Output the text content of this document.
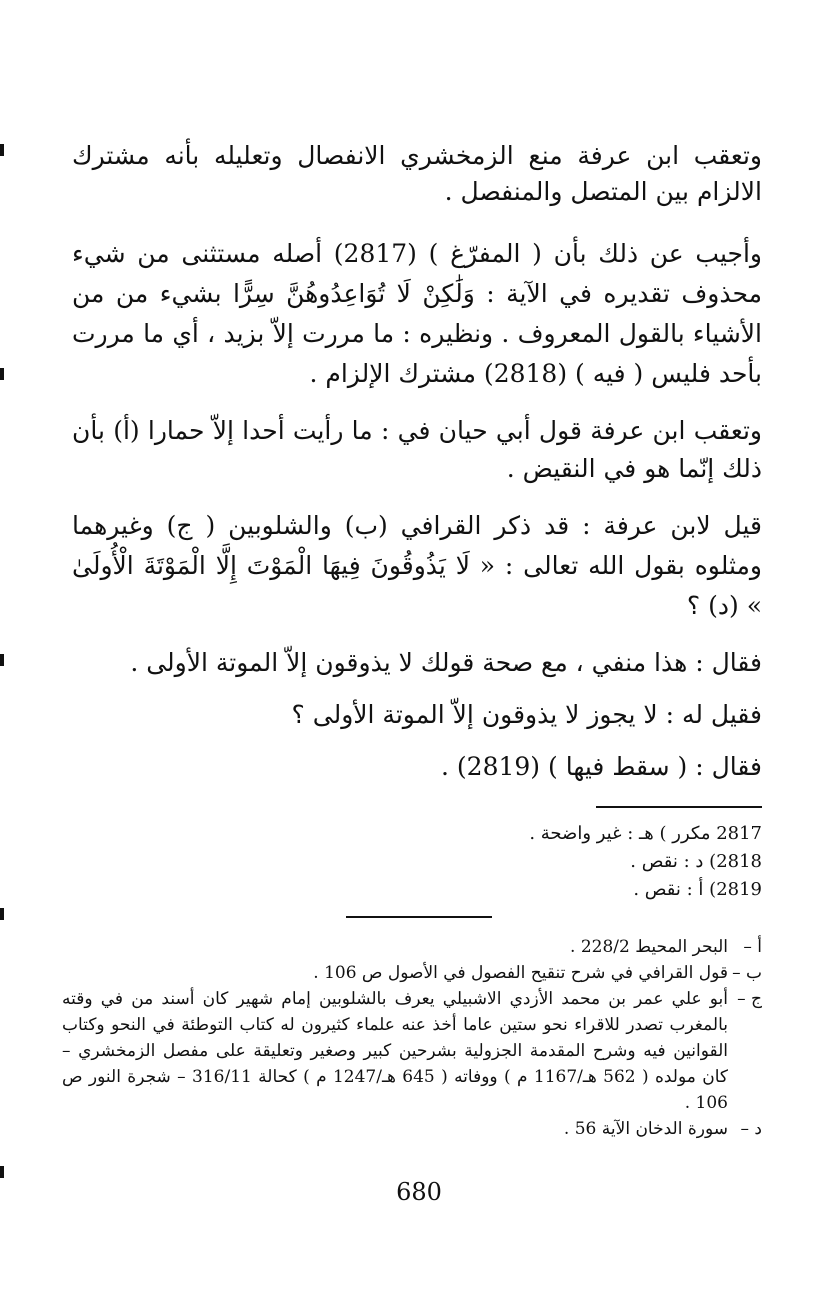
وتعقب ابن عرفة منع الزمخشري الانفصال وتعليله بأنه مشترك الالزام بين المتصل والمنفصل .

وأجيب عن ذلك بأن ( المفرّغ ) (2817) أصله مستثنى من شيء محذوف تقديره في الآية : وَلَٰكِنْ لَا تُوَاعِدُوهُنَّ سِرًّا بشيء من من الأشياء بالقول المعروف . ونظيره : ما مررت إلاّ بزيد ، أي ما مررت بأحد فليس ( فيه ) (2818) مشترك الإلزام .

وتعقب ابن عرفة قول أبي حيان في : ما رأيت أحدا إلاّ حمارا (أ) بأن ذلك إنّما هو في النقيض .

قيل لابن عرفة : قد ذكر القرافي (ب) والشلوبين ( ج) وغيرهما ومثلوه بقول الله تعالى : « لَا يَذُوقُونَ فِيهَا الْمَوْتَ إِلَّا الْمَوْتَةَ الْأُولَىٰ » (د) ؟

فقال : هذا منفي ، مع صحة قولك لا يذوقون إلاّ الموتة الأولى .

فقيل له : لا يجوز لا يذوقون إلاّ الموتة الأولى ؟

فقال : ( سقط فيها ) (2819) .

2817 مكرر ) هـ : غير واضحة .
2818) د : نقص .
2819) أ : نقص .
أ –
البحر المحيط 228/2 .
ب –
قول القرافي في شرح تنقيح الفصول في الأصول ص 106 .
ج –
أبو علي عمر بن محمد الأزدي الاشبيلي يعرف بالشلوبين إمام شهير كان أسند من في وقته بالمغرب تصدر للاقراء نحو ستين عاما أخذ عنه علماء كثيرون له كتاب التوطئة في النحو وكتاب القوانين فيه وشرح المقدمة الجزولية بشرحين كبير وصغير وتعليقة على مفصل الزمخشري – كان مولده ( 562 هـ/1167 م ) ووفاته ( 645 هـ/1247 م ) كحالة 316/11 – شجرة النور ص 106 .
د –
سورة الدخان الآية 56 .
680
